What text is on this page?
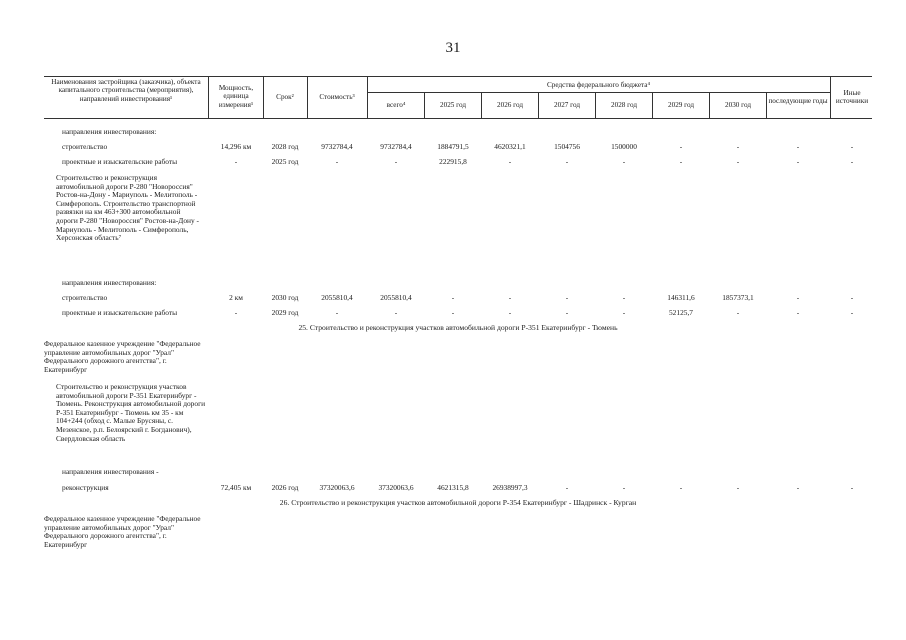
31
Наименования застройщика (заказчика), объекта капитального строительства (мероприятия), направлений инвестирования¹
Мощность, единица измерения¹
Срок²	Стоимость³
Средства федерального бюджета⁴
всего⁴	2025 год	2026 год	2027 год	2028 год	2029 год	2030 год	последующие годы
Иные источники
направления инвестирования:
строительство	14,296 км	2028 год	9732784,4	9732784,4	1884791,5	4620321,1	1504756	1500000	-	-	-	-
проектные и изыскательские работы	-	2025 год	-	-	222915,8	-	-	-	-	-	-	-
Строительство и реконструкция автомобильной дороги Р-280 "Новороссия" Ростов-на-Дону - Мариуполь - Мелитополь - Симферополь. Строительство транспортной развязки на км 463+300 автомобильной дороги Р-280 "Новороссия" Ростов-на-Дону - Мариуполь - Мелитополь - Симферополь, Херсонская область⁷
направления инвестирования:
строительство	2 км	2030 год	2055810,4	2055810,4	-	-	-	-	146311,6	1857373,1	-	-
проектные и изыскательские работы	-	2029 год	-	-	-	-	-	-	52125,7	-	-	-
25. Строительство и реконструкция участков автомобильной дороги Р-351 Екатеринбург - Тюмень
Федеральное казенное учреждение "Федеральное управление автомобильных дорог "Урал" Федерального дорожного агентства", г. Екатеринбург
Строительство и реконструкция участков автомобильной дороги Р-351 Екатеринбург - Тюмень. Реконструкция автомобильной дороги Р-351 Екатеринбург - Тюмень км 35 - км 104+244 (обход с. Малые Брусяны, с. Мезенское, р.п. Белоярский г. Богданович), Свердловская область
направления инвестирования -
реконструкция	72,405 км	2026 год	37320063,6	37320063,6	4621315,8	26938997,3	-	-	-	-	-	-
26. Строительство и реконструкция участков автомобильной дороги Р-354 Екатеринбург - Шадринск - Курган
Федеральное казенное учреждение "Федеральное управление автомобильных дорог "Урал" Федерального дорожного агентства", г. Екатеринбург
